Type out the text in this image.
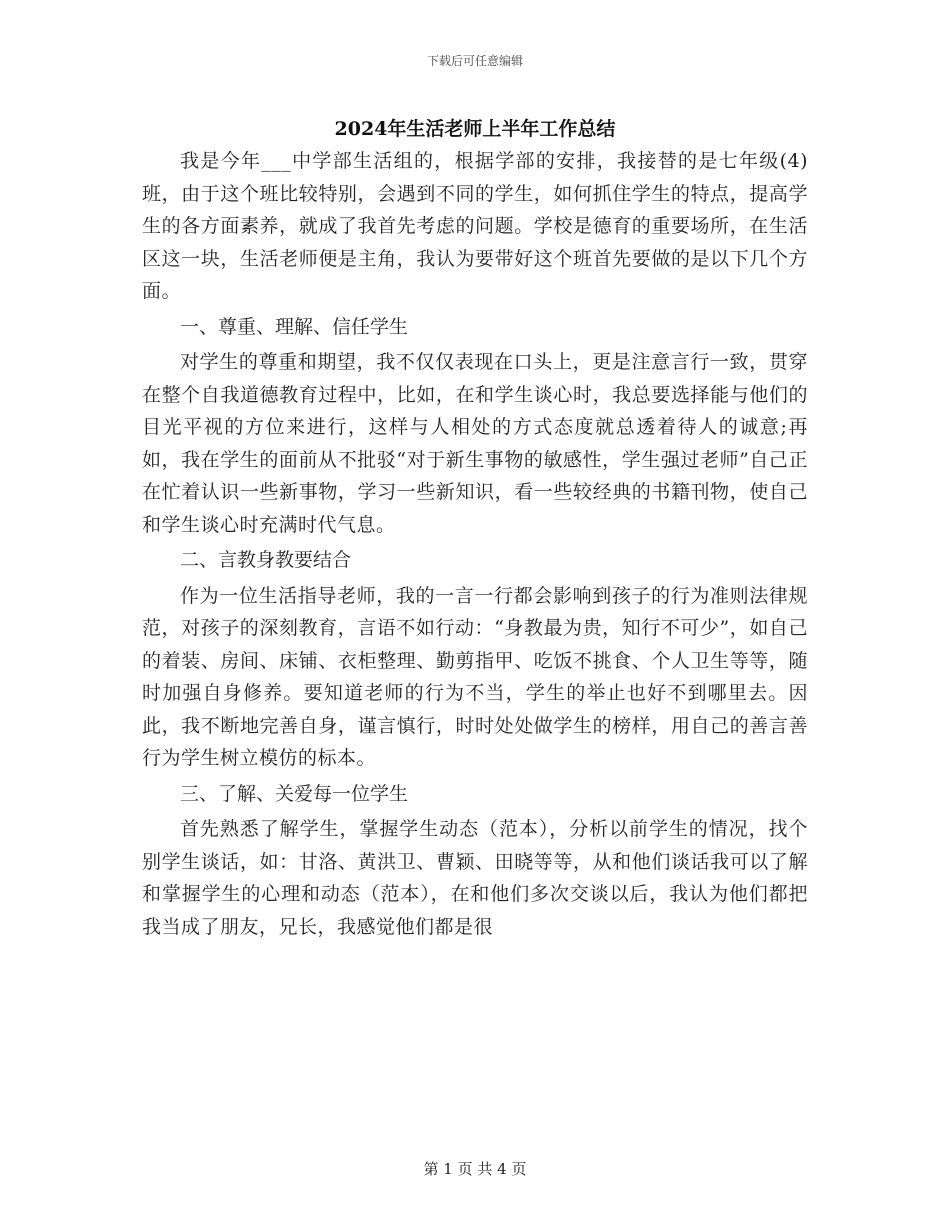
下载后可任意编辑
2024年生活老师上半年工作总结

我是今年___中学部生活组的，根据学部的安排，我接替的是七年级(4)班，由于这个班比较特别，会遇到不同的学生，如何抓住学生的特点，提高学生的各方面素养，就成了我首先考虑的问题。学校是德育的重要场所，在生活区这一块，生活老师便是主角，我认为要带好这个班首先要做的是以下几个方面。

一、尊重、理解、信任学生

对学生的尊重和期望，我不仅仅表现在口头上，更是注意言行一致，贯穿在整个自我道德教育过程中，比如，在和学生谈心时，我总要选择能与他们的目光平视的方位来进行，这样与人相处的方式态度就总透着待人的诚意;再如，我在学生的面前从不批驳“对于新生事物的敏感性，学生强过老师”自己正在忙着认识一些新事物，学习一些新知识，看一些较经典的书籍刊物，使自己和学生谈心时充满时代气息。

二、言教身教要结合

作为一位生活指导老师，我的一言一行都会影响到孩子的行为准则法律规范，对孩子的深刻教育，言语不如行动：“身教最为贵，知行不可少”，如自己的着装、房间、床铺、衣柜整理、勤剪指甲、吃饭不挑食、个人卫生等等，随时加强自身修养。要知道老师的行为不当，学生的举止也好不到哪里去。因此，我不断地完善自身，谨言慎行，时时处处做学生的榜样，用自己的善言善行为学生树立模仿的标本。

三、了解、关爱每一位学生

首先熟悉了解学生，掌握学生动态（范本），分析以前学生的情况，找个别学生谈话，如：甘洛、黄洪卫、曹颖、田晓等等，从和他们谈话我可以了解和掌握学生的心理和动态（范本），在和他们多次交谈以后，我认为他们都把我当成了朋友，兄长，我感觉他们都是很

第 1 页 共 4 页
